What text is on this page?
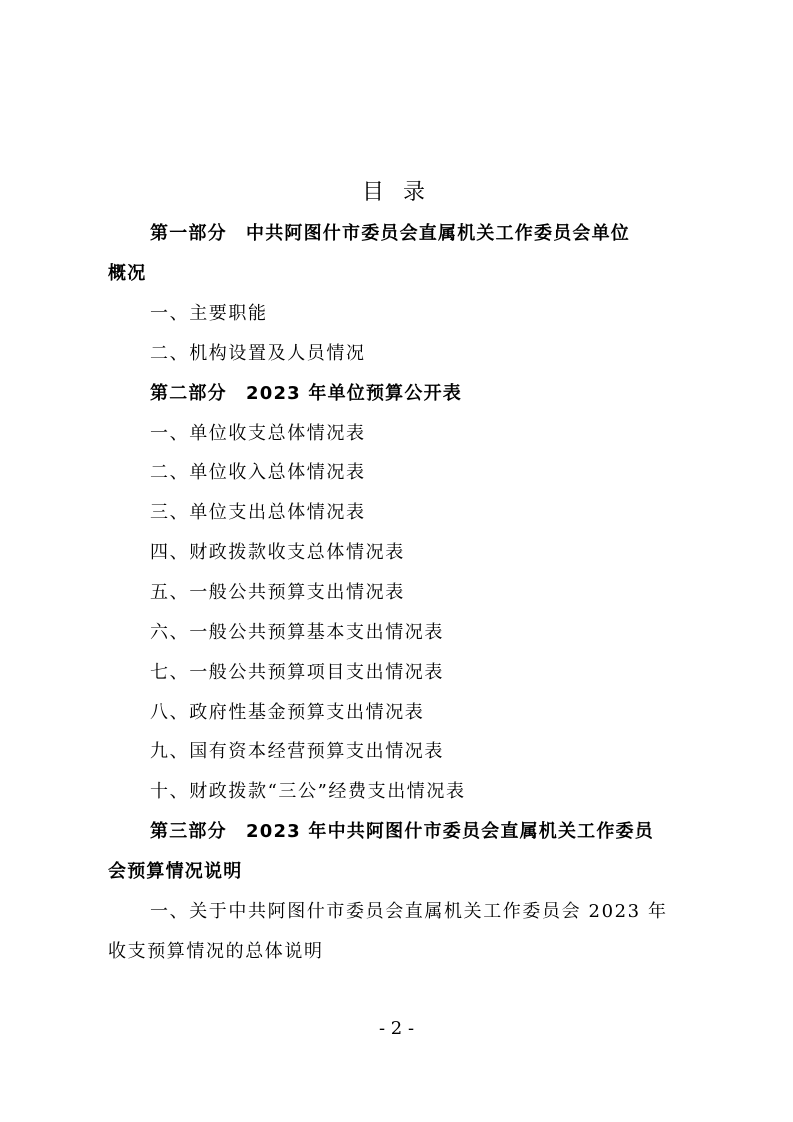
目 录
第一部分　中共阿图什市委员会直属机关工作委员会单位
概况
一、主要职能
二、机构设置及人员情况
第二部分　2023 年单位预算公开表
一、单位收支总体情况表
二、单位收入总体情况表
三、单位支出总体情况表
四、财政拨款收支总体情况表
五、一般公共预算支出情况表
六、一般公共预算基本支出情况表
七、一般公共预算项目支出情况表
八、政府性基金预算支出情况表
九、国有资本经营预算支出情况表
十、财政拨款“三公”经费支出情况表
第三部分　2023 年中共阿图什市委员会直属机关工作委员
会预算情况说明
一、关于中共阿图什市委员会直属机关工作委员会 2023 年
收支预算情况的总体说明
- 2 -
